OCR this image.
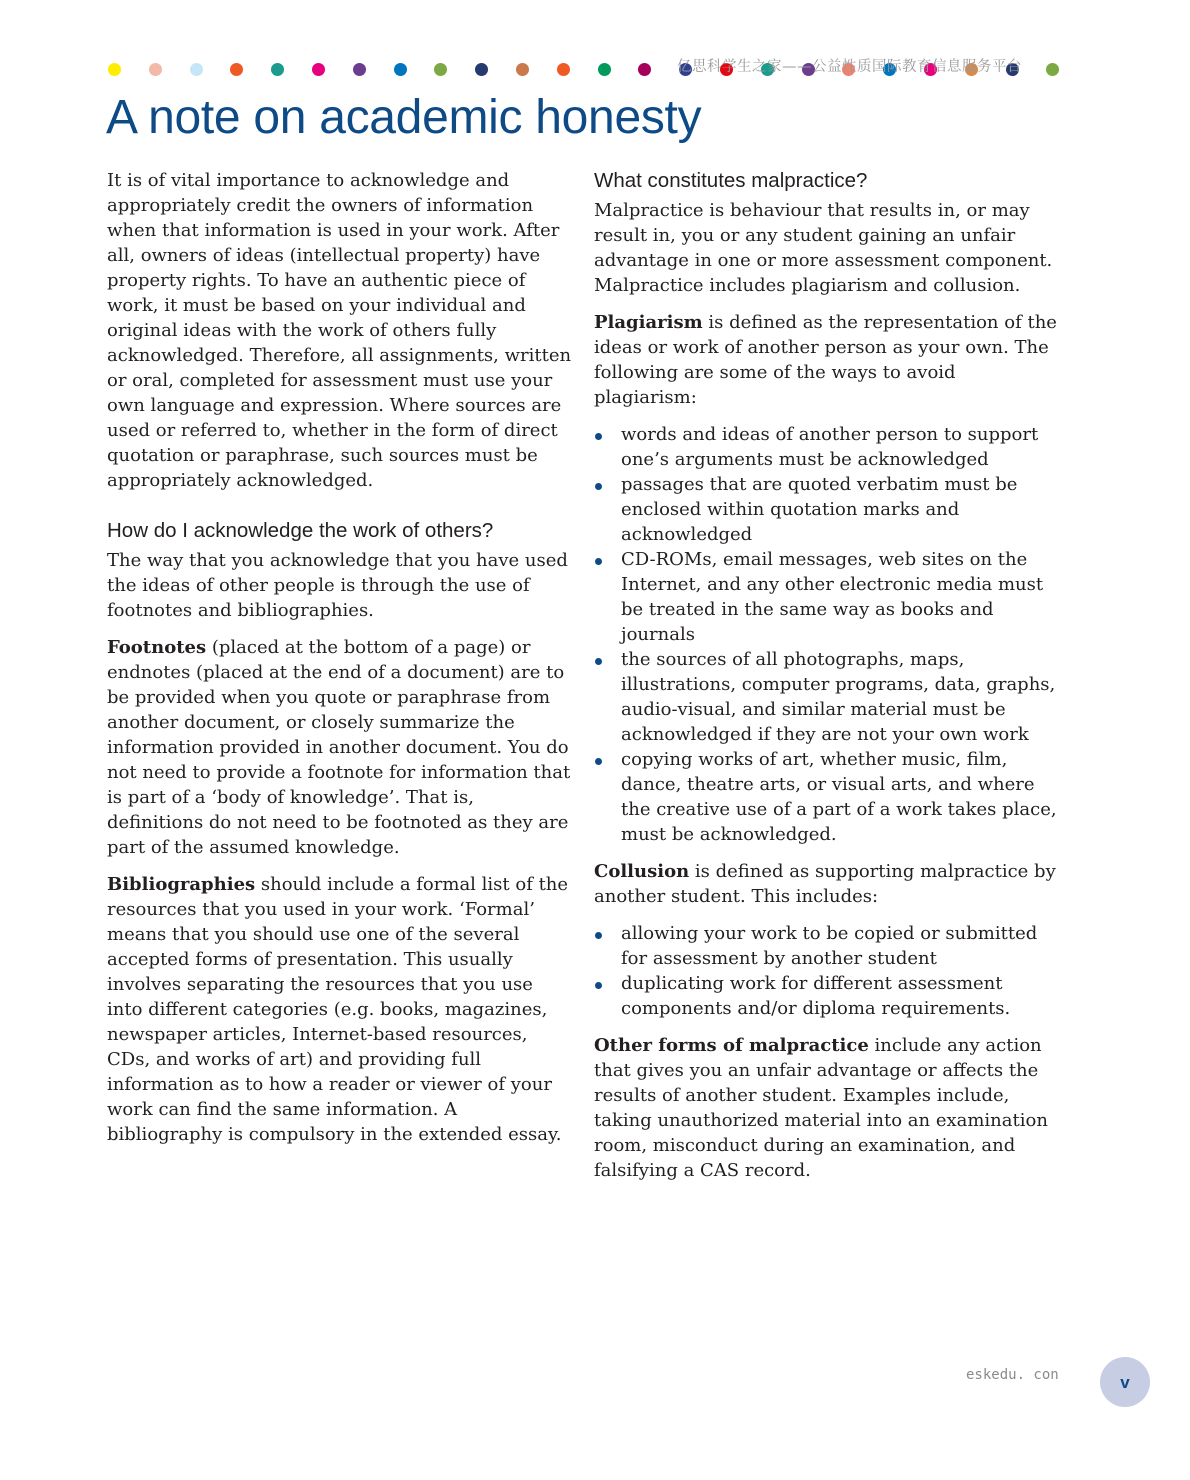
亿思科学生之家——公益性质国际教育信息服务平台
A note on academic honesty

It is of vital importance to acknowledge and appropriately credit the owners of information when that information is used in your work. After all, owners of ideas (intellectual property) have property rights. To have an authentic piece of work, it must be based on your individual and original ideas with the work of others fully acknowledged. Therefore, all assignments, written or oral, completed for assessment must use your own language and expression. Where sources are used or referred to, whether in the form of direct quotation or paraphrase, such sources must be appropriately acknowledged.

How do I acknowledge the work of others?

The way that you acknowledge that you have used the ideas of other people is through the use of footnotes and bibliographies.

Footnotes (placed at the bottom of a page) or endnotes (placed at the end of a document) are to be provided when you quote or paraphrase from another document, or closely summarize the information provided in another document. You do not need to provide a footnote for information that is part of a ‘body of knowledge’. That is, definitions do not need to be footnoted as they are part of the assumed knowledge.

Bibliographies should include a formal list of the resources that you used in your work. ‘Formal’ means that you should use one of the several accepted forms of presentation. This usually involves separating the resources that you use into different categories (e.g. books, magazines, newspaper articles, Internet-based resources, CDs, and works of art) and providing full information as to how a reader or viewer of your work can find the same information. A bibliography is compulsory in the extended essay.

What constitutes malpractice?

Malpractice is behaviour that results in, or may result in, you or any student gaining an unfair advantage in one or more assessment component. Malpractice includes plagiarism and collusion.

Plagiarism is defined as the representation of the ideas or work of another person as your own. The following are some of the ways to avoid plagiarism:

words and ideas of another person to support one’s arguments must be acknowledged
passages that are quoted verbatim must be enclosed within quotation marks and acknowledged
CD-ROMs, email messages, web sites on the Internet, and any other electronic media must be treated in the same way as books and journals
the sources of all photographs, maps, illustrations, computer programs, data, graphs, audio-visual, and similar material must be acknowledged if they are not your own work
copying works of art, whether music, film, dance, theatre arts, or visual arts, and where the creative use of a part of a work takes place, must be acknowledged.

Collusion is defined as supporting malpractice by another student. This includes:

allowing your work to be copied or submitted for assessment by another student
duplicating work for different assessment components and/or diploma requirements.

Other forms of malpractice include any action that gives you an unfair advantage or affects the results of another student. Examples include, taking unauthorized material into an examination room, misconduct during an examination, and falsifying a CAS record.

eskedu. con	v
